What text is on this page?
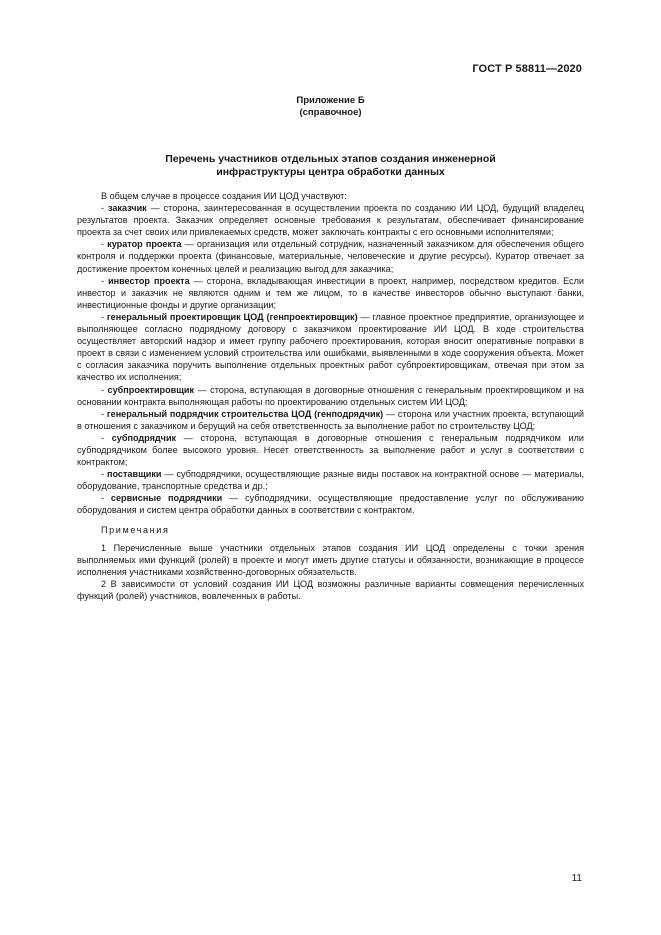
ГОСТ Р 58811—2020
Приложение Б
(справочное)
Перечень участников отдельных этапов создания инженерной
инфраструктуры центра обработки данных

В общем случае в процессе создания ИИ ЦОД участвуют:

- заказчик — сторона, заинтересованная в осуществлении проекта по созданию ИИ ЦОД, будущий владелец результатов проекта. Заказчик определяет основные требования к результатам, обеспечивает финансирование проекта за счет своих или привлекаемых средств, может заключать контракты с его основными исполнителями;

- куратор проекта — организация или отдельный сотрудник, назначенный заказчиком для обеспечения общего контроля и поддержки проекта (финансовые, материальные, человеческие и другие ресурсы). Куратор отвечает за достижение проектом конечных целей и реализацию выгод для заказчика;

- инвестор проекта — сторона, вкладывающая инвестиции в проект, например, посредством кредитов. Если инвестор и заказчик не являются одним и тем же лицом, то в качестве инвесторов обычно выступают банки, инвестиционные фонды и другие организации;

- генеральный проектировщик ЦОД (генпроектировщик) — главное проектное предприятие, организующее и выполняющее согласно подрядному договору с заказчиком проектирование ИИ ЦОД. В ходе строительства осуществляет авторский надзор и имеет группу рабочего проектирования, которая вносит оперативные поправки в проект в связи с изменением условий строительства или ошибками, выявленными в ходе сооружения объекта. Может с согласия заказчика поручить выполнение отдельных проектных работ субпроектировщикам, отвечая при этом за качество их исполнения;

- субпроектировщик — сторона, вступающая в договорные отношения с генеральным проектировщиком и на основании контракта выполняющая работы по проектированию отдельных систем ИИ ЦОД;

- генеральный подрядчик строительства ЦОД (генподрядчик) — сторона или участник проекта, вступающий в отношения с заказчиком и берущий на себя ответственность за выполнение работ по строительству ЦОД;

- субподрядчик — сторона, вступающая в договорные отношения с генеральным подрядчиком или субподрядчиком более высокого уровня. Несет ответственность за выполнение работ и услуг в соответствии с контрактом;

- поставщики — субподрядчики, осуществляющие разные виды поставок на контрактной основе — материалы, оборудование, транспортные средства и др.;

- сервисные подрядчики — субподрядчики, осуществляющие предоставление услуг по обслуживанию оборудования и систем центра обработки данных в соответствии с контрактом.

Примечания

1 Перечисленные выше участники отдельных этапов создания ИИ ЦОД определены с точки зрения выполняемых ими функций (ролей) в проекте и могут иметь другие статусы и обязанности, возникающие в процессе исполнения участниками хозяйственно-договорных обязательств.

2 В зависимости от условий создания ИИ ЦОД возможны различные варианты совмещения перечисленных функций (ролей) участников, вовлеченных в работы.

11
